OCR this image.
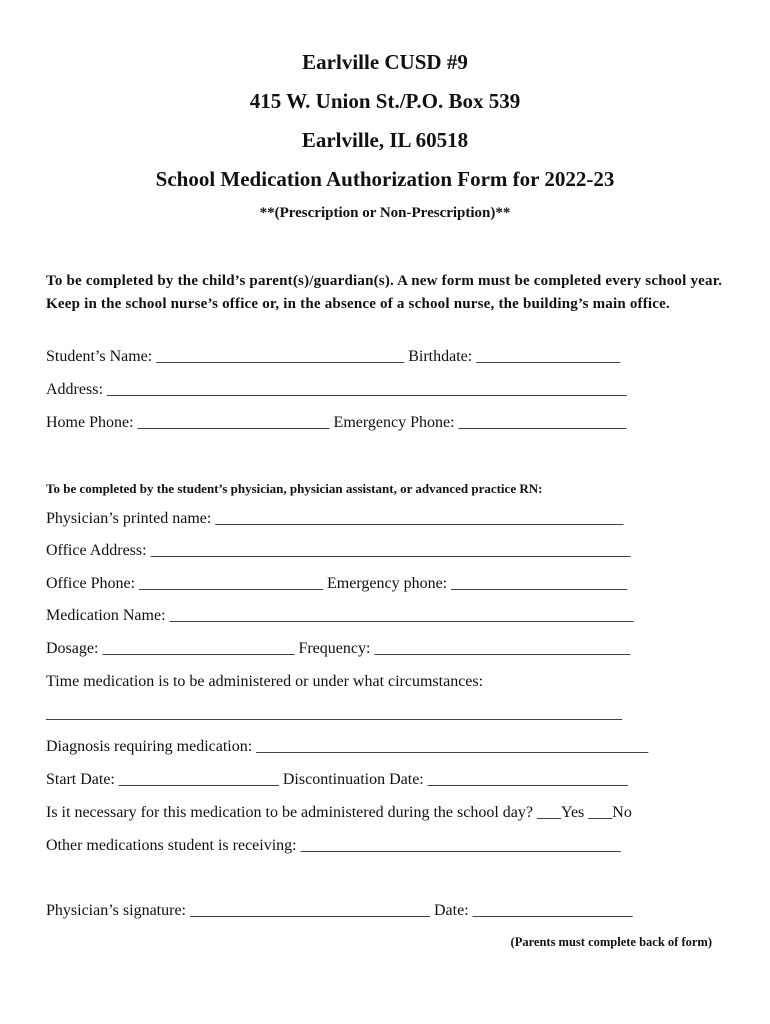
Earlville CUSD #9
415 W. Union St./P.O. Box 539
Earlville, IL 60518
School Medication Authorization Form for 2022-23
**(Prescription or Non-Prescription)**
To be completed by the child’s parent(s)/guardian(s). A new form must be completed every school year. Keep in the school nurse’s office or, in the absence of a school nurse, the building’s main office.
Student’s Name: _______________________________ Birthdate: __________________
Address: _________________________________________________________________
Home Phone: ________________________ Emergency Phone: _____________________
To be completed by the student’s physician, physician assistant, or advanced practice RN:
Physician’s printed name: ___________________________________________________
Office Address: ____________________________________________________________
Office Phone: _______________________ Emergency phone: ______________________
Medication Name: __________________________________________________________
Dosage: ________________________ Frequency: ________________________________
Time medication is to be administered or under what circumstances:
________________________________________________________________________
Diagnosis requiring medication: _________________________________________________
Start Date: ____________________ Discontinuation Date: _________________________
Is it necessary for this medication to be administered during the school day? ___Yes ___No
Other medications student is receiving: ________________________________________
Physician’s signature: ______________________________ Date: ____________________
(Parents must complete back of form)
